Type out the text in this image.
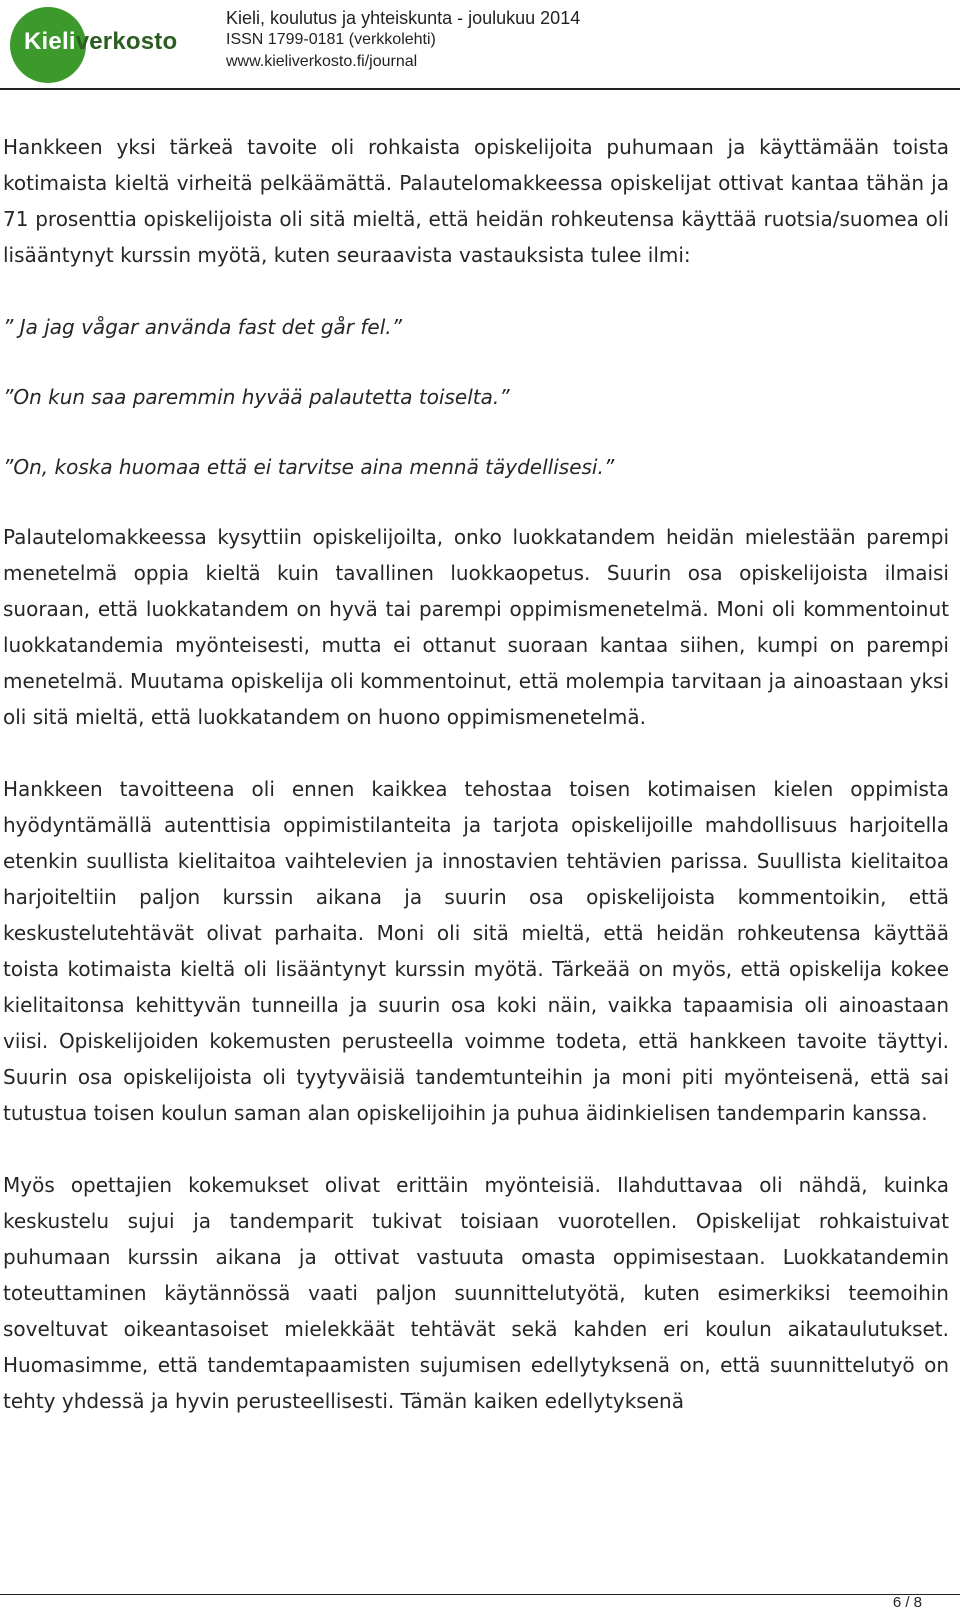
Kieliverkosto
Kieli, koulutus ja yhteiskunta - joulukuu 2014
ISSN 1799-0181 (verkkolehti)
www.kieliverkosto.fi/journal

Hankkeen yksi tärkeä tavoite oli rohkaista opiskelijoita puhumaan ja käyttämään toista kotimaista kieltä virheitä pelkäämättä. Palautelomakkeessa opiskelijat ottivat kantaa tähän ja 71 prosenttia opiskelijoista oli sitä mieltä, että heidän rohkeutensa käyttää ruotsia/suomea oli lisääntynyt kurssin myötä, kuten seuraavista vastauksista tulee ilmi:

” Ja jag vågar använda fast det går fel.”

”On kun saa paremmin hyvää palautetta toiselta.”

”On, koska huomaa että ei tarvitse aina mennä täydellisesi.”

Palautelomakkeessa kysyttiin opiskelijoilta, onko luokkatandem heidän mielestään parempi menetelmä oppia kieltä kuin tavallinen luokkaopetus. Suurin osa opiskelijoista ilmaisi suoraan, että luokkatandem on hyvä tai parempi oppimismenetelmä. Moni oli kommentoinut luokkatandemia myönteisesti, mutta ei ottanut suoraan kantaa siihen, kumpi on parempi menetelmä. Muutama opiskelija oli kommentoinut, että molempia tarvitaan ja ainoastaan yksi oli sitä mieltä, että luokkatandem on huono oppimismenetelmä.

Hankkeen tavoitteena oli ennen kaikkea tehostaa toisen kotimaisen kielen oppimista hyödyntämällä autenttisia oppimistilanteita ja tarjota opiskelijoille mahdollisuus harjoitella etenkin suullista kielitaitoa vaihtelevien ja innostavien tehtävien parissa. Suullista kielitaitoa harjoiteltiin paljon kurssin aikana ja suurin osa opiskelijoista kommentoikin, että keskustelutehtävät olivat parhaita. Moni oli sitä mieltä, että heidän rohkeutensa käyttää toista kotimaista kieltä oli lisääntynyt kurssin myötä. Tärkeää on myös, että opiskelija kokee kielitaitonsa kehittyvän tunneilla ja suurin osa koki näin, vaikka tapaamisia oli ainoastaan viisi. Opiskelijoiden kokemusten perusteella voimme todeta, että hankkeen tavoite täyttyi. Suurin osa opiskelijoista oli tyytyväisiä tandemtunteihin ja moni piti myönteisenä, että sai tutustua toisen koulun saman alan opiskelijoihin ja puhua äidinkielisen tandemparin kanssa.

Myös opettajien kokemukset olivat erittäin myönteisiä. Ilahduttavaa oli nähdä, kuinka keskustelu sujui ja tandemparit tukivat toisiaan vuorotellen. Opiskelijat rohkaistuivat puhumaan kurssin aikana ja ottivat vastuuta omasta oppimisestaan. Luokkatandemin toteuttaminen käytännössä vaati paljon suunnittelutyötä, kuten esimerkiksi teemoihin soveltuvat oikeantasoiset mielekkäät tehtävät sekä kahden eri koulun aikataulutukset. Huomasimme, että tandemtapaamisten sujumisen edellytyksenä on, että suunnittelutyö on tehty yhdessä ja hyvin perusteellisesti. Tämän kaiken edellytyksenä

6 / 8
